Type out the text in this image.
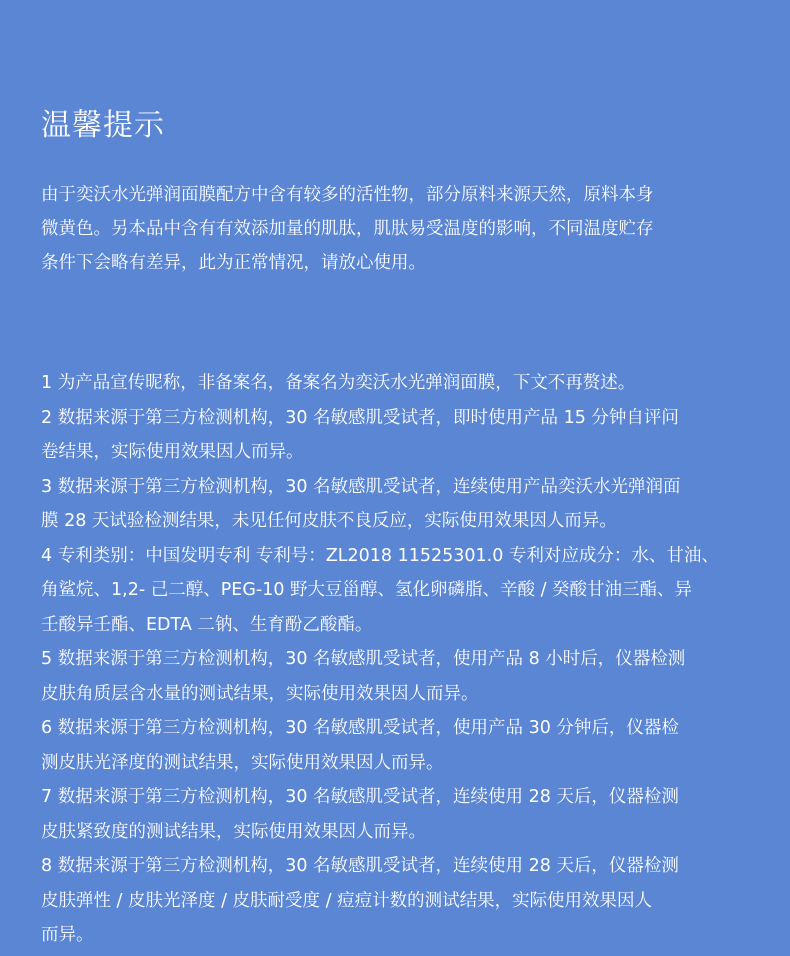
温馨提示

由于奕沃水光弹润面膜配方中含有较多的活性物，部分原料来源天然，原料本身
微黄色。另本品中含有有效添加量的肌肽，肌肽易受温度的影响，不同温度贮存
条件下会略有差异，此为正常情况，请放心使用。

1 为产品宣传昵称，非备案名，备案名为奕沃水光弹润面膜，下文不再赘述。
2 数据来源于第三方检测机构，30 名敏感肌受试者，即时使用产品 15 分钟自评问
卷结果，实际使用效果因人而异。
3 数据来源于第三方检测机构，30 名敏感肌受试者，连续使用产品奕沃水光弹润面
膜 28 天试验检测结果，未见任何皮肤不良反应，实际使用效果因人而异。
4 专利类别：中国发明专利 专利号：ZL2018 11525301.0 专利对应成分：水、甘油、
角鲨烷、1,2- 己二醇、PEG-10 野大豆甾醇、氢化卵磷脂、辛酸 / 癸酸甘油三酯、异
壬酸异壬酯、EDTA 二钠、生育酚乙酸酯。
5 数据来源于第三方检测机构，30 名敏感肌受试者，使用产品 8 小时后，仪器检测
皮肤角质层含水量的测试结果，实际使用效果因人而异。
6 数据来源于第三方检测机构，30 名敏感肌受试者，使用产品 30 分钟后，仪器检
测皮肤光泽度的测试结果，实际使用效果因人而异。
7 数据来源于第三方检测机构，30 名敏感肌受试者，连续使用 28 天后，仪器检测
皮肤紧致度的测试结果，实际使用效果因人而异。
8 数据来源于第三方检测机构，30 名敏感肌受试者，连续使用 28 天后，仪器检测
皮肤弹性 / 皮肤光泽度 / 皮肤耐受度 / 痘痘计数的测试结果，实际使用效果因人
而异。
